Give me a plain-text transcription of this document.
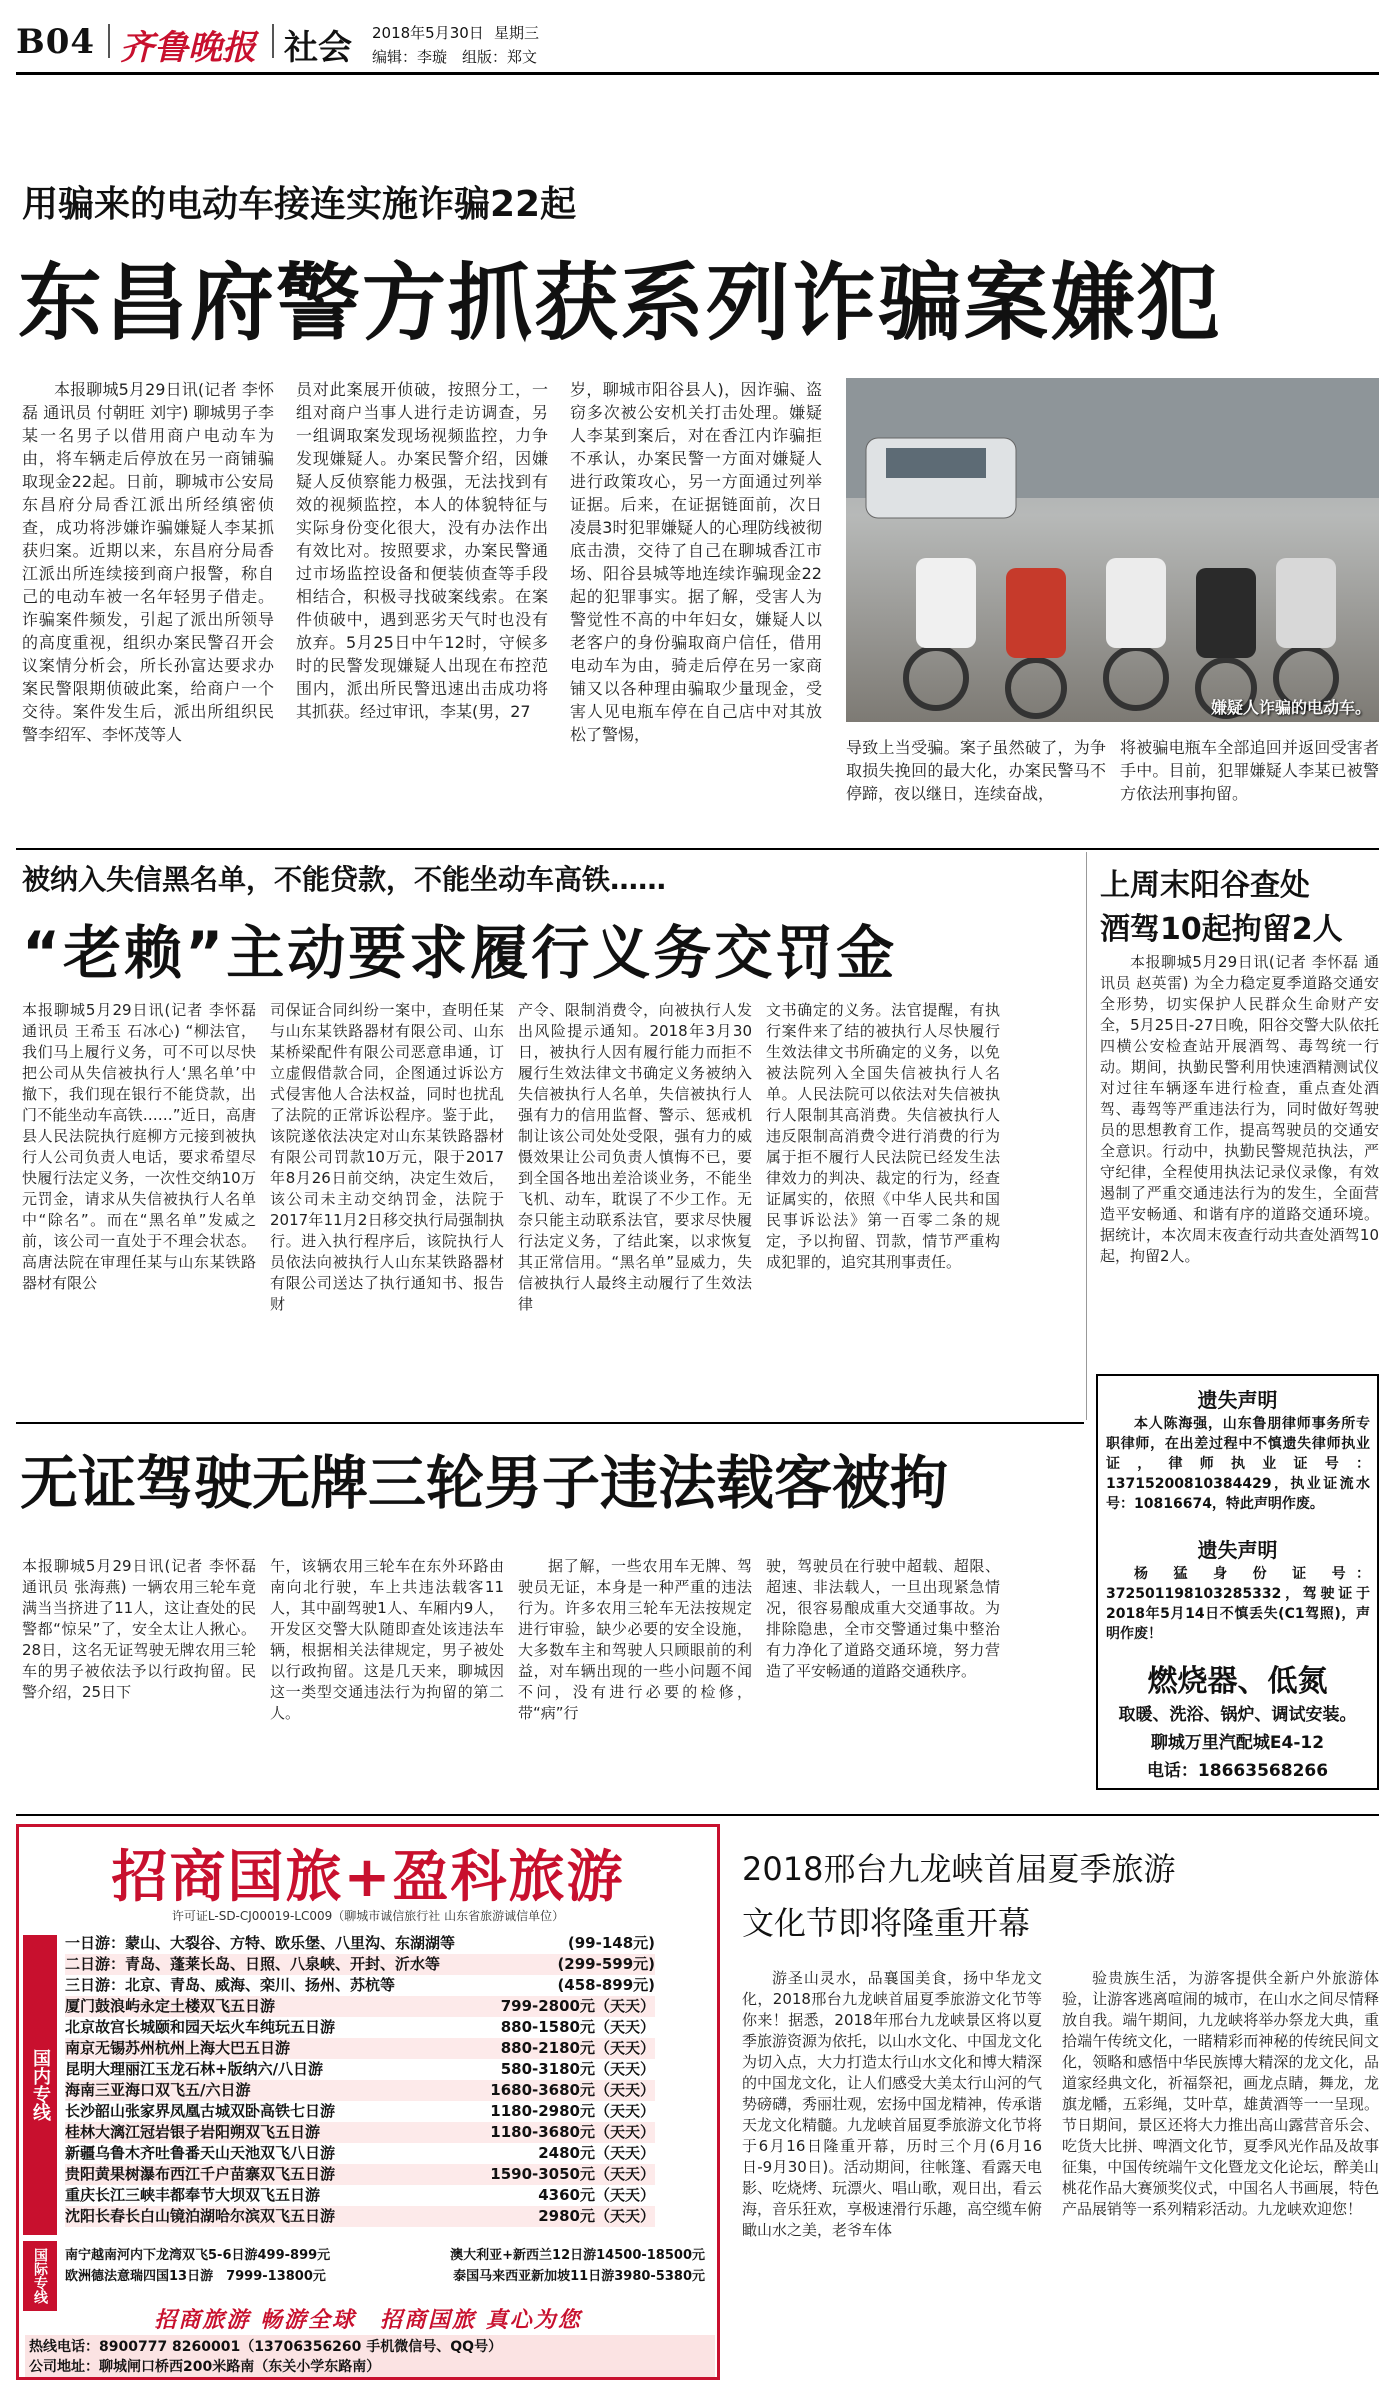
B04 齐鲁晚报 社会 2018年5月30日 星期三
编辑：李璇 组版：郑文
用骗来的电动车接连实施诈骗22起
东昌府警方抓获系列诈骗案嫌犯
本报聊城5月29日讯(记者 李怀磊 通讯员 付朝旺 刘宇) 聊城男子李某一名男子以借用商户电动车为由，将车辆走后停放在另一商铺骗取现金22起。日前，聊城市公安局东昌府分局香江派出所经缜密侦查，成功将涉嫌诈骗嫌疑人李某抓获归案。近期以来，东昌府分局香江派出所连续接到商户报警，称自己的电动车被一名年轻男子借走。诈骗案件频发，引起了派出所领导的高度重视，组织办案民警召开会议案情分析会，所长孙富达要求办案民警限期侦破此案，给商户一个交待。案件发生后，派出所组织民警李绍军、李怀茂等人
员对此案展开侦破，按照分工，一组对商户当事人进行走访调查，另一组调取案发现场视频监控，力争发现嫌疑人。办案民警介绍，因嫌疑人反侦察能力极强，无法找到有效的视频监控，本人的体貌特征与实际身份变化很大，没有办法作出有效比对。按照要求，办案民警通过市场监控设备和便装侦查等手段相结合，积极寻找破案线索。在案件侦破中，遇到恶劣天气时也没有放弃。5月25日中午12时，守候多时的民警发现嫌疑人出现在布控范围内，派出所民警迅速出击成功将其抓获。经过审讯，李某(男，27
岁，聊城市阳谷县人)，因诈骗、盗窃多次被公安机关打击处理。嫌疑人李某到案后，对在香江内诈骗拒不承认，办案民警一方面对嫌疑人进行政策攻心，另一方面通过列举证据。后来，在证据链面前，次日凌晨3时犯罪嫌疑人的心理防线被彻底击溃，交待了自己在聊城香江市场、阳谷县城等地连续诈骗现金22起的犯罪事实。据了解，受害人为警觉性不高的中年妇女，嫌疑人以老客户的身份骗取商户信任，借用电动车为由，骑走后停在另一家商铺又以各种理由骗取少量现金，受害人见电瓶车停在自己店中对其放松了警惕，
嫌疑人诈骗的电动车。
导致上当受骗。案子虽然破了，为争取损失挽回的最大化，办案民警马不停蹄，夜以继日，连续奋战，
将被骗电瓶车全部追回并返回受害者手中。目前，犯罪嫌疑人李某已被警方依法刑事拘留。
被纳入失信黑名单，不能贷款，不能坐动车高铁……
“老赖”主动要求履行义务交罚金
本报聊城5月29日讯(记者 李怀磊 通讯员 王希玉 石冰心) “柳法官，我们马上履行义务，可不可以尽快把公司从失信被执行人‘黑名单’中撤下，我们现在银行不能贷款，出门不能坐动车高铁……”近日，高唐县人民法院执行庭柳方元接到被执行人公司负责人电话，要求希望尽快履行法定义务，一次性交纳10万元罚金，请求从失信被执行人名单中“除名”。而在“黑名单”发威之前，该公司一直处于不理会状态。高唐法院在审理任某与山东某铁路器材有限公
司保证合同纠纷一案中，查明任某与山东某铁路器材有限公司、山东某桥梁配件有限公司恶意串通，订立虚假借款合同，企图通过诉讼方式侵害他人合法权益，同时也扰乱了法院的正常诉讼程序。鉴于此，该院遂依法决定对山东某铁路器材有限公司罚款10万元，限于2017年8月26日前交纳，决定生效后，该公司未主动交纳罚金，法院于2017年11月2日移交执行局强制执行。进入执行程序后，该院执行人员依法向被执行人山东某铁路器材有限公司送达了执行通知书、报告财
产令、限制消费令，向被执行人发出风险提示通知。2018年3月30日，被执行人因有履行能力而拒不履行生效法律文书确定义务被纳入失信被执行人名单，失信被执行人强有力的信用监督、警示、惩戒机制让该公司处处受限，强有力的威慑效果让公司负责人慎悔不已，要到全国各地出差洽谈业务，不能坐飞机、动车，耽误了不少工作。无奈只能主动联系法官，要求尽快履行法定义务，了结此案，以求恢复其正常信用。“黑名单”显威力，失信被执行人最终主动履行了生效法律
文书确定的义务。法官提醒，有执行案件来了结的被执行人尽快履行生效法律文书所确定的义务，以免被法院列入全国失信被执行人名单。人民法院可以依法对失信被执行人限制其高消费。失信被执行人违反限制高消费令进行消费的行为属于拒不履行人民法院已经发生法律效力的判决、裁定的行为，经查证属实的，依照《中华人民共和国民事诉讼法》第一百零二条的规定，予以拘留、罚款，情节严重构成犯罪的，追究其刑事责任。
上周末阳谷查处
酒驾10起拘留2人
本报聊城5月29日讯(记者 李怀磊 通讯员 赵英雷) 为全力稳定夏季道路交通安全形势，切实保护人民群众生命财产安全，5月25日-27日晚，阳谷交警大队依托四横公安检查站开展酒驾、毒驾统一行动。期间，执勤民警利用快速酒精测试仪对过往车辆逐车进行检查，重点查处酒驾、毒驾等严重违法行为，同时做好驾驶员的思想教育工作，提高驾驶员的交通安全意识。行动中，执勤民警规范执法，严守纪律，全程使用执法记录仪录像，有效遏制了严重交通违法行为的发生，全面营造平安畅通、和谐有序的道路交通环境。据统计，本次周末夜查行动共查处酒驾10起，拘留2人。
遗失声明
本人陈海强，山东鲁朋律师事务所专职律师，在出差过程中不慎遗失律师执业证，律师执业证号：13715200810384429，执业证流水号：10816674，特此声明作废。
遗失声明
杨 猛 身 份 证 号：372501198103285332，驾驶证于2018年5月14日不慎丢失(C1驾照)，声明作废！
燃烧器、低氮
取暖、洗浴、锅炉、调试安装。
聊城万里汽配城E4-12
电话：18663568266
无证驾驶无牌三轮男子违法载客被拘
本报聊城5月29日讯(记者 李怀磊 通讯员 张海燕) 一辆农用三轮车竟满当当挤进了11人，这让查处的民警都“惊呆”了，安全太让人揪心。28日，这名无证驾驶无牌农用三轮车的男子被依法予以行政拘留。民警介绍，25日下
午，该辆农用三轮车在东外环路由南向北行驶，车上共违法载客11人，其中副驾驶1人、车厢内9人，开发区交警大队随即查处该违法车辆，根据相关法律规定，男子被处以行政拘留。这是几天来，聊城因这一类型交通违法行为拘留的第二人。
据了解，一些农用车无牌、驾驶员无证，本身是一种严重的违法行为。许多农用三轮车无法按规定进行审验，缺少必要的安全设施，大多数车主和驾驶人只顾眼前的利益，对车辆出现的一些小问题不闻不问，没有进行必要的检修，带“病”行
驶，驾驶员在行驶中超载、超限、超速、非法载人，一旦出现紧急情况，很容易酿成重大交通事故。为排除隐患，全市交警通过集中整治有力净化了道路交通环境，努力营造了平安畅通的道路交通秩序。
招商国旅+盈科旅游
许可证L-SD-CJ00019-LC009（聊城市诚信旅行社 山东省旅游诚信单位）
国内专线
一日游：蒙山、大裂谷、方特、欧乐堡、八里沟、东湖湖等	(99-148元)
二日游：青岛、蓬莱长岛、日照、八泉峡、开封、沂水等	(299-599元)
三日游：北京、青岛、威海、栾川、扬州、苏杭等	(458-899元)
厦门鼓浪屿永定土楼双飞五日游	799-2800元（天天）
北京故宫长城颐和园天坛火车纯玩五日游	880-1580元（天天）
南京无锡苏州杭州上海大巴五日游	880-2180元（天天）
昆明大理丽江玉龙石林+版纳六/八日游	580-3180元（天天）
海南三亚海口双飞五/六日游	1680-3680元（天天）
长沙韶山张家界凤凰古城双卧高铁七日游	1180-2980元（天天）
桂林大漓江冠岩银子岩阳朔双飞五日游	1180-3680元（天天）
新疆乌鲁木齐吐鲁番天山天池双飞八日游	2480元（天天）
贵阳黄果树瀑布西江千户苗寨双飞五日游	1590-3050元（天天）
重庆长江三峡丰都奉节大坝双飞五日游	4360元（天天）
沈阳长春长白山镜泊湖哈尔滨双飞五日游	2980元（天天）
国际专线	南宁越南河内下龙湾双飞5-6日游499-899元	澳大利亚+新西兰12日游14500-18500元
欧洲德法意瑞四国13日游　7999-13800元	泰国马来西亚新加坡11日游3980-5380元
招商旅游 畅游全球　招商国旅 真心为您
热线电话：8900777 8260001（13706356260 手机微信号、QQ号）
公司地址：聊城闸口桥西200米路南（东关小学东路南）
2018邢台九龙峡首届夏季旅游
文化节即将隆重开幕
游圣山灵水，品襄国美食，扬中华龙文化，2018邢台九龙峡首届夏季旅游文化节等你来！据悉，2018年邢台九龙峡景区将以夏季旅游资源为依托，以山水文化、中国龙文化为切入点，大力打造太行山水文化和博大精深的中国龙文化，让人们感受大美太行山河的气势磅礴，秀丽壮观，宏扬中国龙精神，传承谐天龙文化精髓。九龙峡首届夏季旅游文化节将于6月16日隆重开幕，历时三个月(6月16日-9月30日)。活动期间，往帐篷、看露天电影、吃烧烤、玩漂火、唱山歌，观日出，看云海，音乐狂欢，享极速滑行乐趣，高空缆车俯瞰山水之美，老爷车体
验贵族生活，为游客提供全新户外旅游体验，让游客逃离喧闹的城市，在山水之间尽情释放自我。端午期间，九龙峡将举办祭龙大典，重拾端午传统文化，一睹精彩而神秘的传统民间文化，领略和感悟中华民族博大精深的龙文化，品道家经典文化，祈福祭祀，画龙点睛，舞龙，龙旗龙幡，五彩绳，艾叶草，雄黄酒等一一呈现。节日期间，景区还将大力推出高山露营音乐会、吃货大比拼、啤酒文化节，夏季风光作品及故事征集，中国传统端午文化暨龙文化论坛，醉美山桃花作品大赛颁奖仪式，中国名人书画展，特色产品展销等一系列精彩活动。九龙峡欢迎您！
